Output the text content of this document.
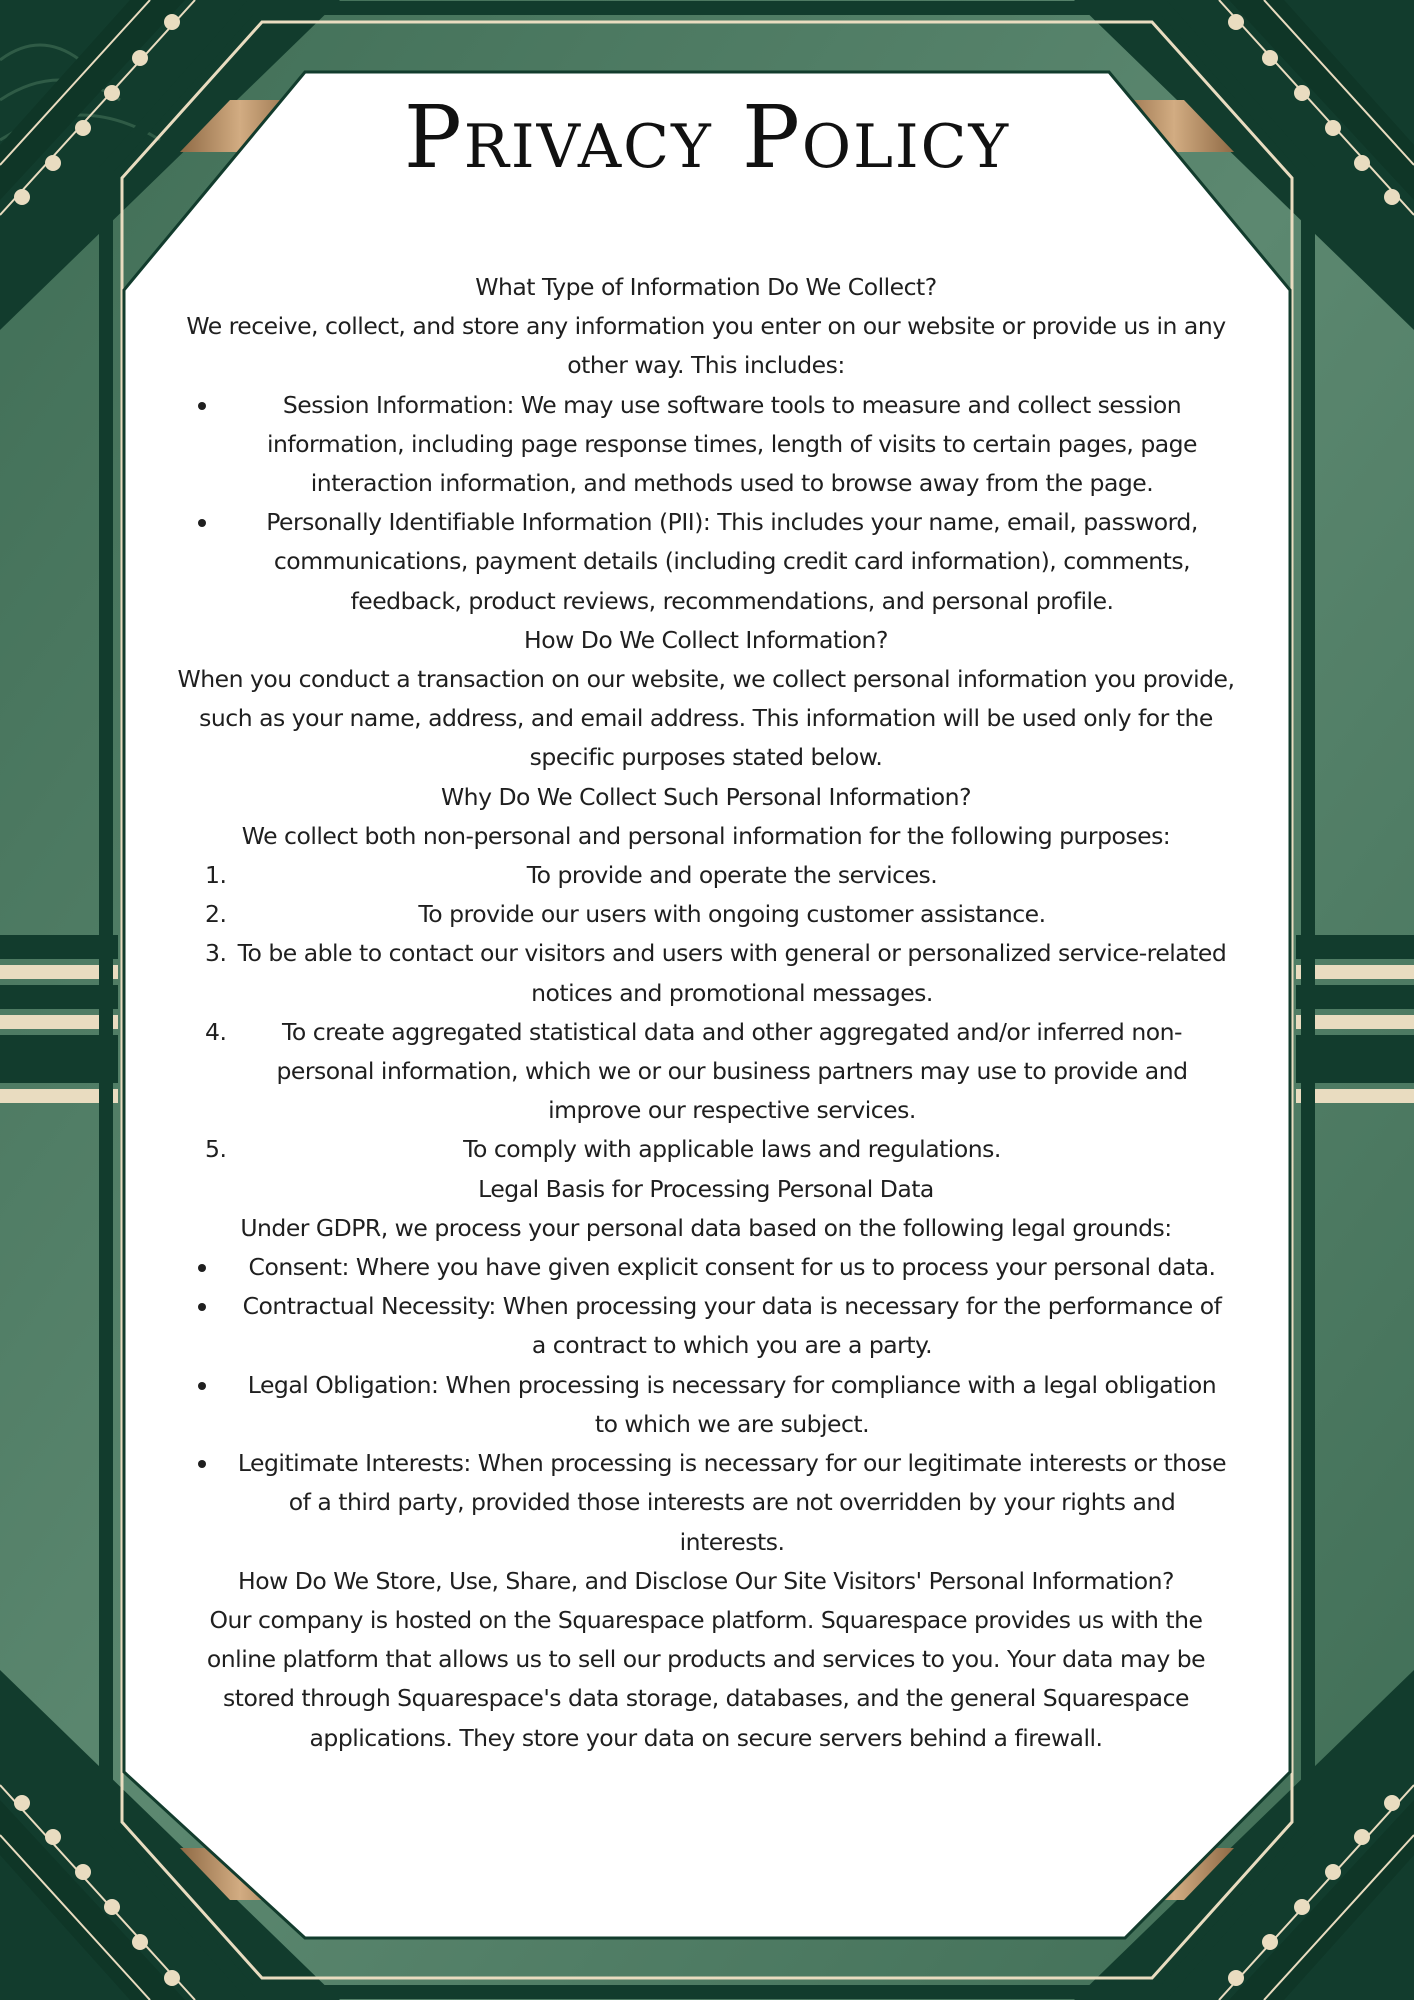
Privacy Policy

What Type of Information Do We Collect?

We receive, collect, and store any information you enter on our website or provide us in any other way. This includes:

Session Information: We may use software tools to measure and collect session information, including page response times, length of visits to certain pages, page interaction information, and methods used to browse away from the page.
Personally Identifiable Information (PII): This includes your name, email, password, communications, payment details (including credit card information), comments, feedback, product reviews, recommendations, and personal profile.

How Do We Collect Information?

When you conduct a transaction on our website, we collect personal information you provide, such as your name, address, and email address. This information will be used only for the specific purposes stated below.

Why Do We Collect Such Personal Information?

We collect both non-personal and personal information for the following purposes:

1.	To provide and operate the services.
2.	To provide our users with ongoing customer assistance.
3. To be able to contact our visitors and users with general or personalized service-related notices and promotional messages.
4. To create aggregated statistical data and other aggregated and/or inferred non-personal information, which we or our business partners may use to provide and improve our respective services.
5.	To comply with applicable laws and regulations.

Legal Basis for Processing Personal Data

Under GDPR, we process your personal data based on the following legal grounds:

Consent: Where you have given explicit consent for us to process your personal data.
Contractual Necessity: When processing your data is necessary for the performance of a contract to which you are a party.
Legal Obligation: When processing is necessary for compliance with a legal obligation to which we are subject.
Legitimate Interests: When processing is necessary for our legitimate interests or those of a third party, provided those interests are not overridden by your rights and interests.

How Do We Store, Use, Share, and Disclose Our Site Visitors' Personal Information?

Our company is hosted on the Squarespace platform. Squarespace provides us with the online platform that allows us to sell our products and services to you. Your data may be stored through Squarespace's data storage, databases, and the general Squarespace applications. They store your data on secure servers behind a firewall.
